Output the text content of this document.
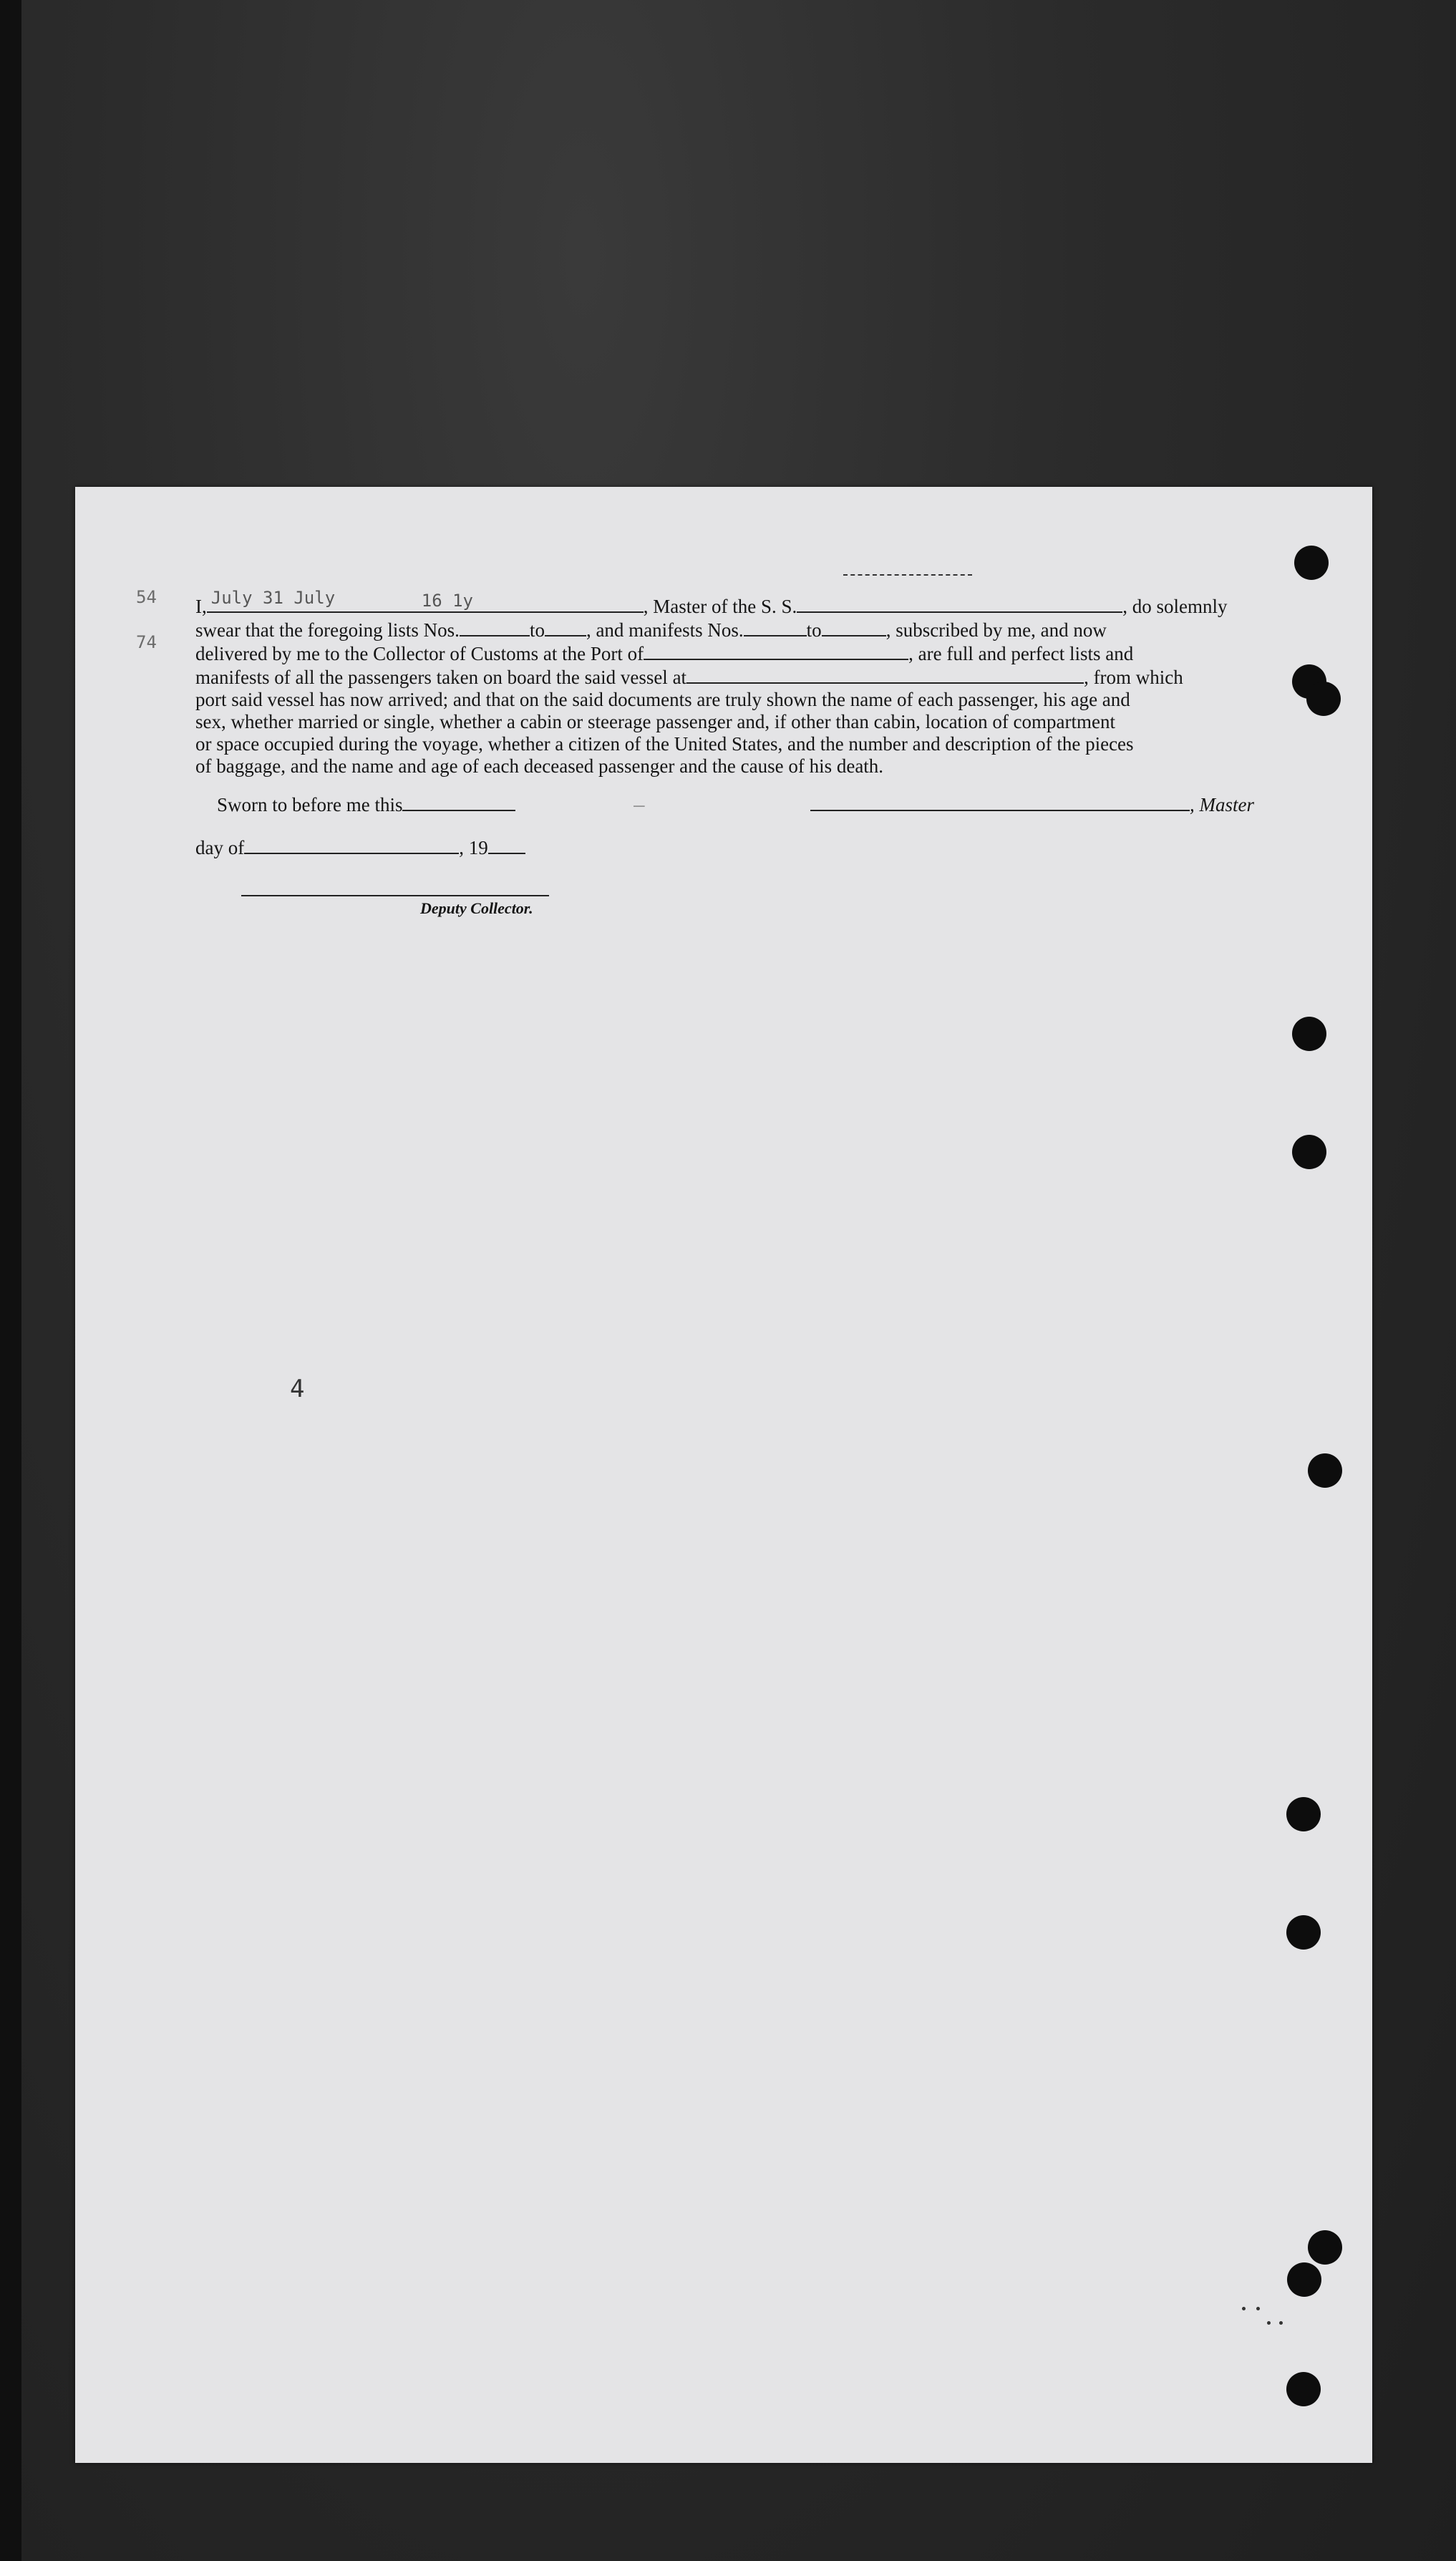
54
74
4
I, July 31 July	16 1y	, Master of the S. S.	, do solemnly
swear that the foregoing lists Nos.	to , and manifests Nos.	to	, subscribed by me, and now
delivered by me to the Collector of Customs at the Port of	, are full and perfect lists and
manifests of all the passengers taken on board the said vessel at	, from which
port said vessel has now arrived; and that on the said documents are truly shown the name of each passenger, his age and
sex, whether married or single, whether a cabin or steerage passenger and, if other than cabin, location of compartment
or space occupied during the voyage, whether a citizen of the United States, and the number and description of the pieces
of baggage, and the name and age of each deceased passenger and the cause of his death.
Sworn to before me this	, Master
day of	, 19
Deputy Collector.
—
